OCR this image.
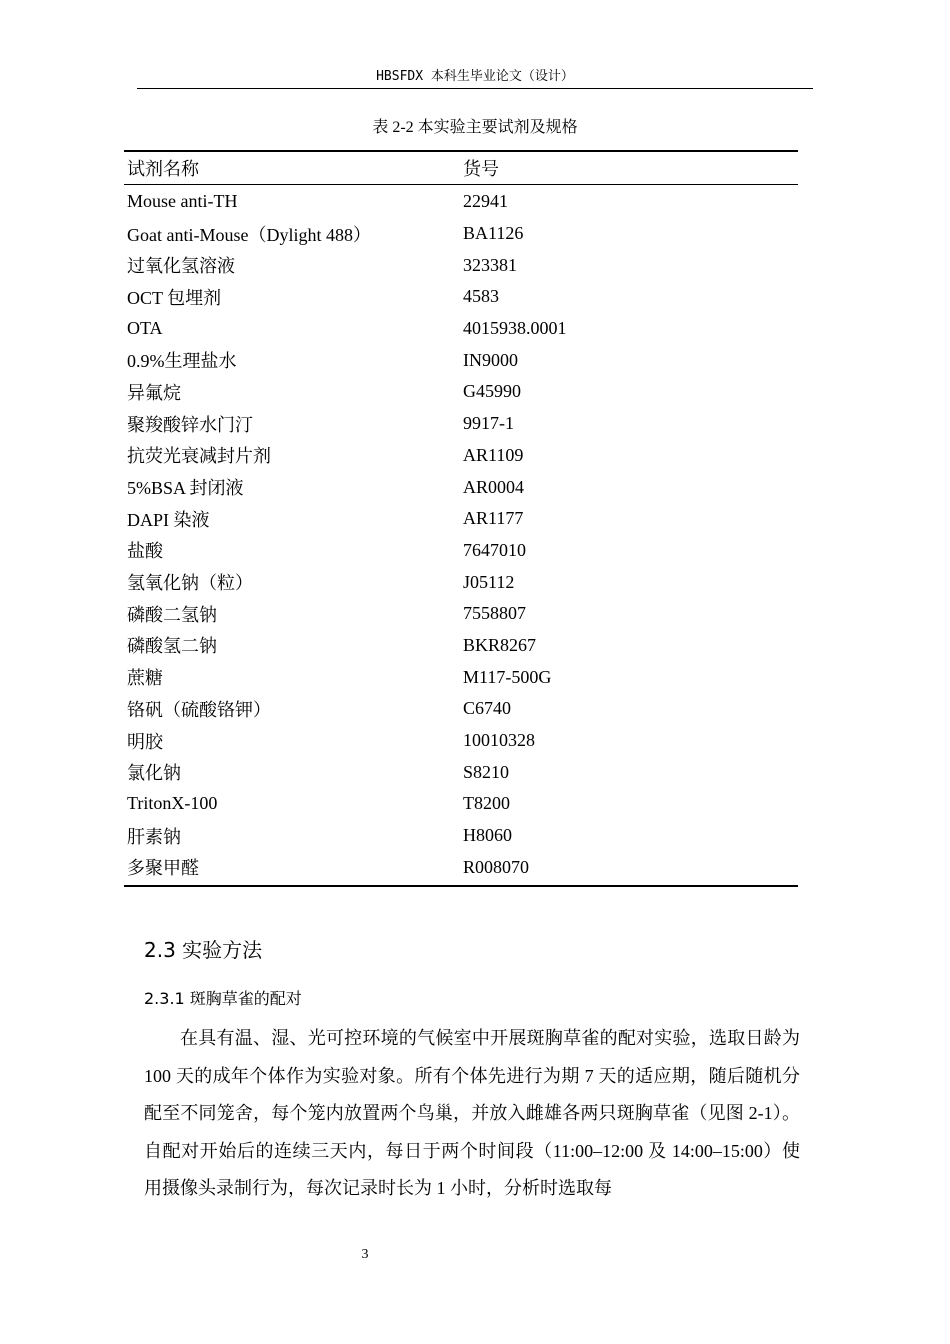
HBSFDX 本科生毕业论文（设计）
表 2-2 本实验主要试剂及规格
试剂名称	货号
Mouse anti-TH	22941
Goat anti-Mouse（Dylight 488）	BA1126
过氧化氢溶液	323381
OCT 包埋剂	4583
OTA	4015938.0001
0.9%生理盐水	IN9000
异氟烷	G45990
聚羧酸锌水门汀	9917-1
抗荧光衰减封片剂	AR1109
5%BSA 封闭液	AR0004
DAPI 染液	AR1177
盐酸	7647010
氢氧化钠（粒）	J05112
磷酸二氢钠	7558807
磷酸氢二钠	BKR8267
蔗糖	M117-500G
铬矾（硫酸铬钾）	C6740
明胶	10010328
氯化钠	S8210
TritonX-100	T8200
肝素钠	H8060
多聚甲醛	R008070
2.3 实验方法
2.3.1 斑胸草雀的配对
在具有温、湿、光可控环境的气候室中开展斑胸草雀的配对实验，选取日龄为 100 天的成年个体作为实验对象。所有个体先进行为期 7 天的适应期，随后随机分配至不同笼舍，每个笼内放置两个鸟巢，并放入雌雄各两只斑胸草雀（见图 2-1）。自配对开始后的连续三天内，每日于两个时间段（11:00–12:00 及 14:00–15:00）使用摄像头录制行为，每次记录时长为 1 小时，分析时选取每
3
